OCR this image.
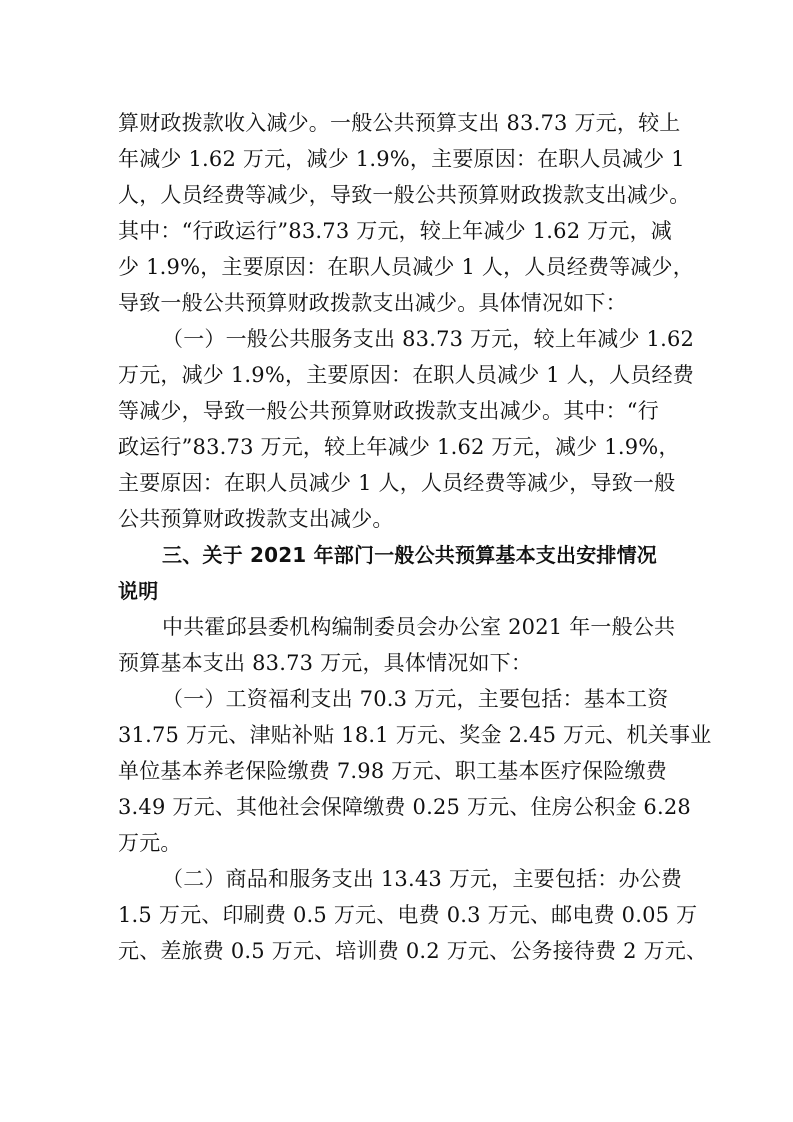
算财政拨款收入减少。一般公共预算支出 83.73 万元，较上
年减少 1.62 万元，减少 1.9%，主要原因：在职人员减少 1
人，人员经费等减少，导致一般公共预算财政拨款支出减少。
其中：“行政运行”83.73 万元，较上年减少 1.62 万元，减
少 1.9%，主要原因：在职人员减少 1 人，人员经费等减少，
导致一般公共预算财政拨款支出减少。具体情况如下：
（一）一般公共服务支出 83.73 万元，较上年减少 1.62
万元，减少 1.9%，主要原因：在职人员减少 1 人，人员经费
等减少，导致一般公共预算财政拨款支出减少。其中：“行
政运行”83.73 万元，较上年减少 1.62 万元，减少 1.9%，
主要原因：在职人员减少 1 人，人员经费等减少，导致一般
公共预算财政拨款支出减少。
三、关于 2021 年部门一般公共预算基本支出安排情况
说明
中共霍邱县委机构编制委员会办公室 2021 年一般公共
预算基本支出 83.73 万元，具体情况如下：
（一）工资福利支出 70.3 万元，主要包括：基本工资
31.75 万元、津贴补贴 18.1 万元、奖金 2.45 万元、机关事业
单位基本养老保险缴费 7.98 万元、职工基本医疗保险缴费
3.49 万元、其他社会保障缴费 0.25 万元、住房公积金 6.28
万元。
（二）商品和服务支出 13.43 万元，主要包括：办公费
1.5 万元、印刷费 0.5 万元、电费 0.3 万元、邮电费 0.05 万
元、差旅费 0.5 万元、培训费 0.2 万元、公务接待费 2 万元、
